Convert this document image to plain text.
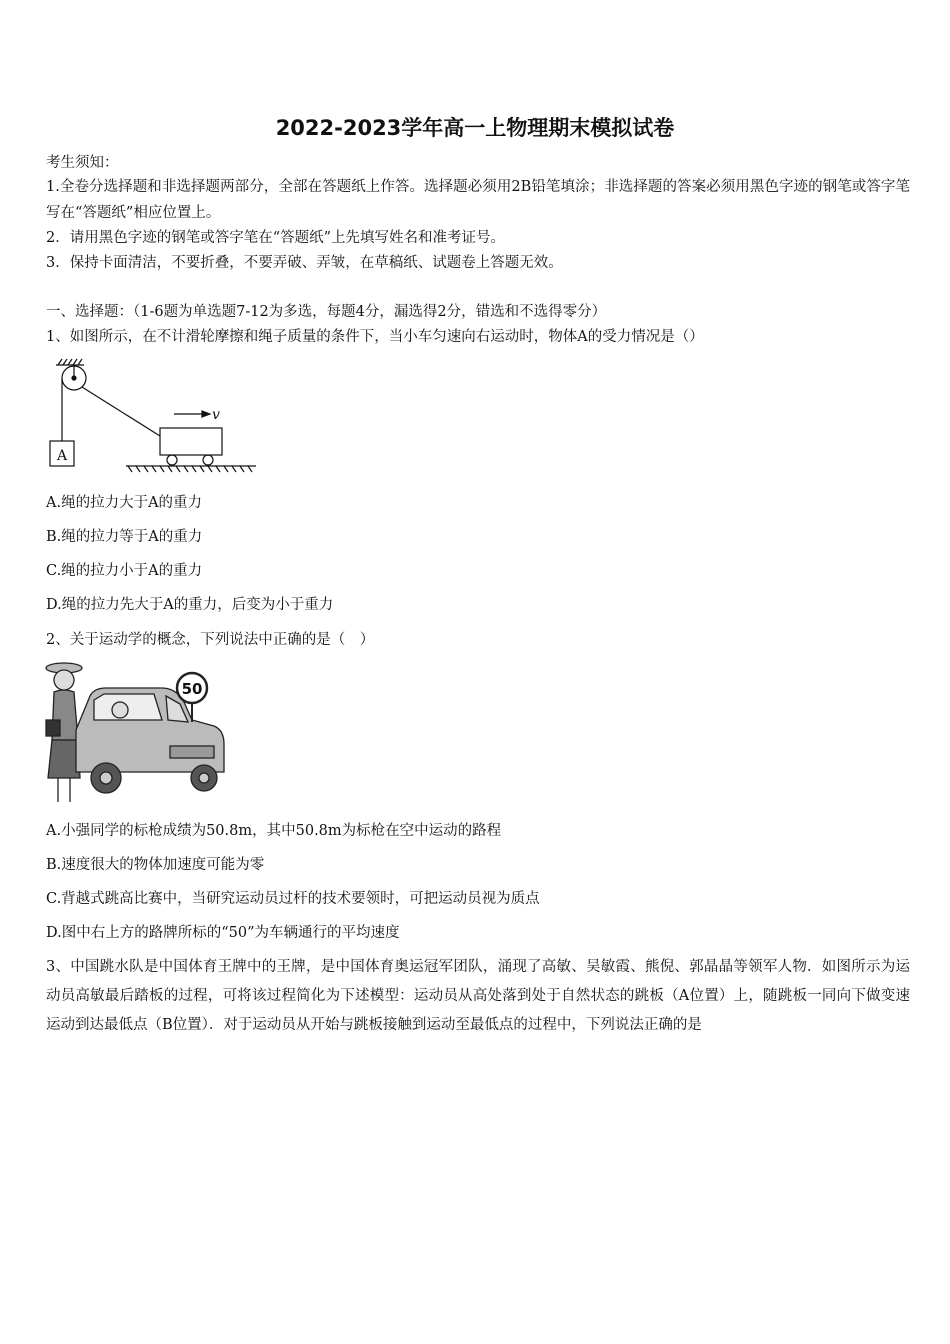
2022-2023学年高一上物理期末模拟试卷
考生须知：
1.全卷分选择题和非选择题两部分，全部在答题纸上作答。选择题必须用2B铅笔填涂；非选择题的答案必须用黑色字迹的钢笔或答字笔写在“答题纸”相应位置上。
2．请用黑色字迹的钢笔或答字笔在“答题纸”上先填写姓名和准考证号。
3．保持卡面清洁，不要折叠，不要弄破、弄皱，在草稿纸、试题卷上答题无效。
一、选择题：（1-6题为单选题7-12为多选，每题4分，漏选得2分，错选和不选得零分）
1、如图所示，在不计滑轮摩擦和绳子质量的条件下，当小车匀速向右运动时，物体A的受力情况是（）
A
v
A.绳的拉力大于A的重力
B.绳的拉力等于A的重力
C.绳的拉力小于A的重力
D.绳的拉力先大于A的重力，后变为小于重力
2、关于运动学的概念，下列说法中正确的是（　）
50
A.小强同学的标枪成绩为50.8m，其中50.8m为标枪在空中运动的路程
B.速度很大的物体加速度可能为零
C.背越式跳高比赛中，当研究运动员过杆的技术要领时，可把运动员视为质点
D.图中右上方的路牌所标的“50”为车辆通行的平均速度
3、中国跳水队是中国体育王牌中的王牌，是中国体育奥运冠军团队，涌现了高敏、吴敏霞、熊倪、郭晶晶等领军人物．如图所示为运动员高敏最后踏板的过程，可将该过程简化为下述模型：运动员从高处落到处于自然状态的跳板（A位置）上，随跳板一同向下做变速运动到达最低点（B位置）．对于运动员从开始与跳板接触到运动至最低点的过程中，下列说法正确的是
